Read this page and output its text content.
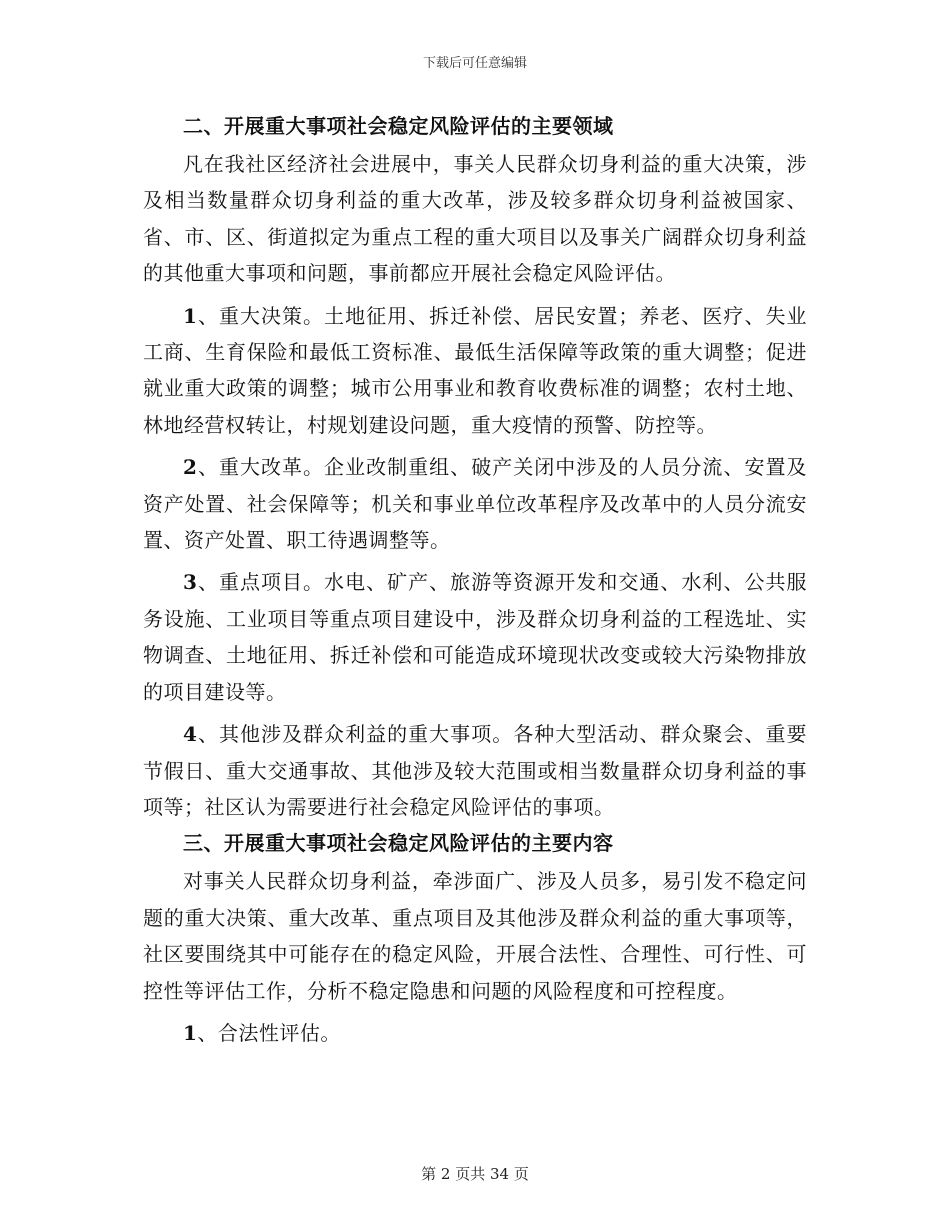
下载后可任意编辑

二、开展重大事项社会稳定风险评估的主要领域

凡在我社区经济社会进展中，事关人民群众切身利益的重大决策，涉及相当数量群众切身利益的重大改革，涉及较多群众切身利益被国家、省、市、区、街道拟定为重点工程的重大项目以及事关广阔群众切身利益的其他重大事项和问题，事前都应开展社会稳定风险评估。

1、重大决策。土地征用、拆迁补偿、居民安置；养老、医疗、失业工商、生育保险和最低工资标准、最低生活保障等政策的重大调整；促进就业重大政策的调整；城市公用事业和教育收费标准的调整；农村土地、林地经营权转让，村规划建设问题，重大疫情的预警、防控等。

2、重大改革。企业改制重组、破产关闭中涉及的人员分流、安置及资产处置、社会保障等；机关和事业单位改革程序及改革中的人员分流安置、资产处置、职工待遇调整等。

3、重点项目。水电、矿产、旅游等资源开发和交通、水利、公共服务设施、工业项目等重点项目建设中，涉及群众切身利益的工程选址、实物调查、土地征用、拆迁补偿和可能造成环境现状改变或较大污染物排放的项目建设等。

4、其他涉及群众利益的重大事项。各种大型活动、群众聚会、重要节假日、重大交通事故、其他涉及较大范围或相当数量群众切身利益的事项等；社区认为需要进行社会稳定风险评估的事项。

三、开展重大事项社会稳定风险评估的主要内容

对事关人民群众切身利益，牵涉面广、涉及人员多，易引发不稳定问题的重大决策、重大改革、重点项目及其他涉及群众利益的重大事项等，社区要围绕其中可能存在的稳定风险，开展合法性、合理性、可行性、可控性等评估工作，分析不稳定隐患和问题的风险程度和可控程度。

1、合法性评估。

第 2 页共 34 页
